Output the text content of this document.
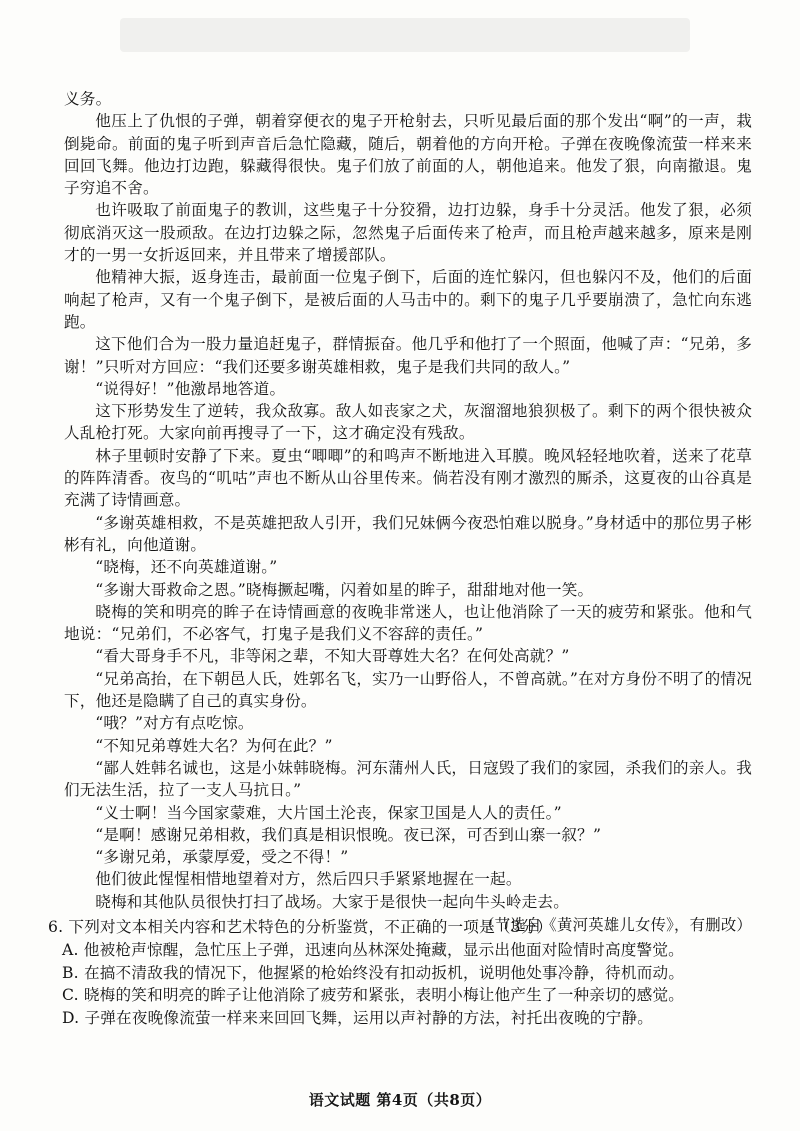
义务。

他压上了仇恨的子弹，朝着穿便衣的鬼子开枪射去，只听见最后面的那个发出“啊”的一声，栽倒毙命。前面的鬼子听到声音后急忙隐藏，随后，朝着他的方向开枪。子弹在夜晚像流萤一样来来回回飞舞。他边打边跑，躲藏得很快。鬼子们放了前面的人，朝他追来。他发了狠，向南撤退。鬼子穷追不舍。

也许吸取了前面鬼子的教训，这些鬼子十分狡猾，边打边躲，身手十分灵活。他发了狠，必须彻底消灭这一股顽敌。在边打边躲之际，忽然鬼子后面传来了枪声，而且枪声越来越多，原来是刚才的一男一女折返回来，并且带来了增援部队。

他精神大振，返身连击，最前面一位鬼子倒下，后面的连忙躲闪，但也躲闪不及，他们的后面响起了枪声，又有一个鬼子倒下，是被后面的人马击中的。剩下的鬼子几乎要崩溃了，急忙向东逃跑。

这下他们合为一股力量追赶鬼子，群情振奋。他几乎和他打了一个照面，他喊了声：“兄弟，多谢！”只听对方回应：“我们还要多谢英雄相救，鬼子是我们共同的敌人。”

“说得好！”他激昂地答道。

这下形势发生了逆转，我众敌寡。敌人如丧家之犬，灰溜溜地狼狈极了。剩下的两个很快被众人乱枪打死。大家向前再搜寻了一下，这才确定没有残敌。

林子里顿时安静了下来。夏虫“唧唧”的和鸣声不断地进入耳膜。晚风轻轻地吹着，送来了花草的阵阵清香。夜鸟的“叽咕”声也不断从山谷里传来。倘若没有刚才激烈的厮杀，这夏夜的山谷真是充满了诗情画意。

“多谢英雄相救，不是英雄把敌人引开，我们兄妹俩今夜恐怕难以脱身。”身材适中的那位男子彬彬有礼，向他道谢。

“晓梅，还不向英雄道谢。”

“多谢大哥救命之恩。”晓梅撅起嘴，闪着如星的眸子，甜甜地对他一笑。

晓梅的笑和明亮的眸子在诗情画意的夜晚非常迷人，也让他消除了一天的疲劳和紧张。他和气地说：“兄弟们，不必客气，打鬼子是我们义不容辞的责任。”

“看大哥身手不凡，非等闲之辈，不知大哥尊姓大名？在何处高就？”

“兄弟高抬，在下朝邑人氏，姓郭名飞，实乃一山野俗人，不曾高就。”在对方身份不明了的情况下，他还是隐瞒了自己的真实身份。

“哦？”对方有点吃惊。

“不知兄弟尊姓大名？为何在此？”

“鄙人姓韩名诚也，这是小妹韩晓梅。河东蒲州人氏，日寇毁了我们的家园，杀我们的亲人。我们无法生活，拉了一支人马抗日。”

“义士啊！当今国家蒙难，大片国土沦丧，保家卫国是人人的责任。”

“是啊！感谢兄弟相救，我们真是相识恨晚。夜已深，可否到山寨一叙？”

“多谢兄弟，承蒙厚爱，受之不得！”

他们彼此惺惺相惜地望着对方，然后四只手紧紧地握在一起。

晓梅和其他队员很快打扫了战场。大家于是很快一起向牛头岭走去。

（节选自《黄河英雄儿女传》，有删改）

6. 下列对文本相关内容和艺术特色的分析鉴赏，不正确的一项是（3分）

A. 他被枪声惊醒，急忙压上子弹，迅速向丛林深处掩藏，显示出他面对险情时高度警觉。

B. 在搞不清敌我的情况下，他握紧的枪始终没有扣动扳机，说明他处事冷静，待机而动。

C. 晓梅的笑和明亮的眸子让他消除了疲劳和紧张，表明小梅让他产生了一种亲切的感觉。

D. 子弹在夜晚像流萤一样来来回回飞舞，运用以声衬静的方法，衬托出夜晚的宁静。

语文试题 第4页（共8页）
